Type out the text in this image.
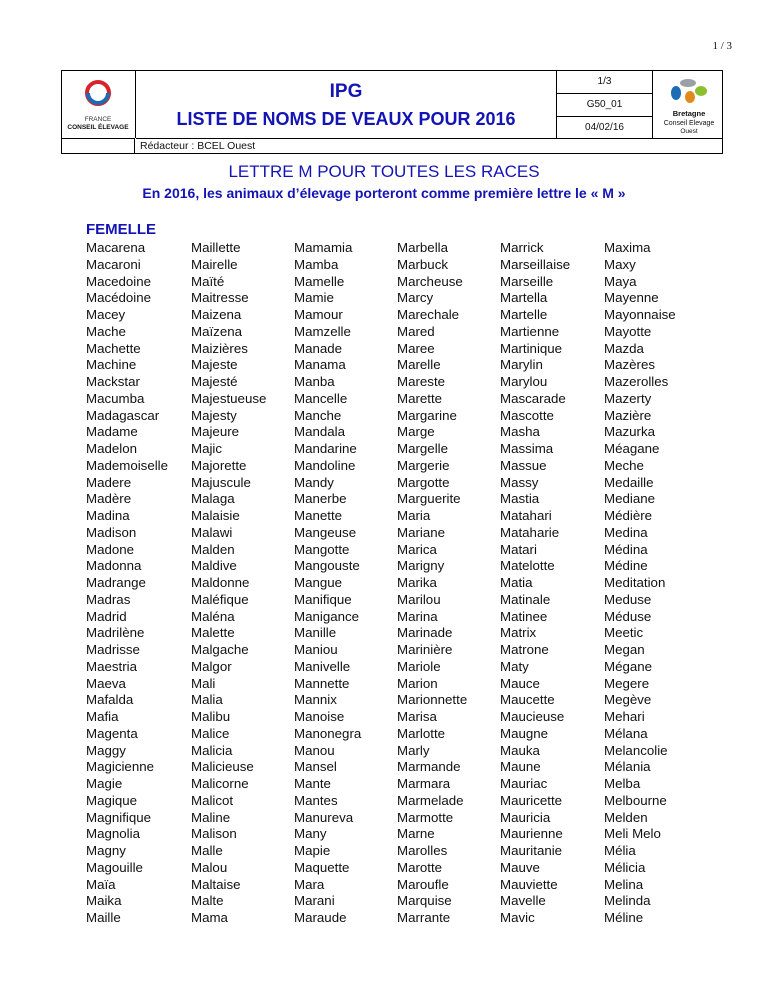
1 / 3
FRANCE
CONSEIL ÉLEVAGE
IPG
LISTE DE NOMS DE VEAUX POUR 2016
1/3
G50_01
04/02/16
Bretagne
Conseil Elevage
Ouest
Rédacteur : BCEL Ouest
LETTRE M POUR TOUTES LES RACES
En 2016, les animaux d’élevage porteront comme première lettre le « M »
FEMELLE
Macarena
Macaroni
Macedoine
Macédoine
Macey
Mache
Machette
Machine
Mackstar
Macumba
Madagascar
Madame
Madelon
Mademoiselle
Madere
Madère
Madina
Madison
Madone
Madonna
Madrange
Madras
Madrid
Madrilène
Madrisse
Maestria
Maeva
Mafalda
Mafia
Magenta
Maggy
Magicienne
Magie
Magique
Magnifique
Magnolia
Magny
Magouille
Maïa
Maika
Maille
Maillette
Mairelle
Maïté
Maitresse
Maizena
Maïzena
Maizières
Majeste
Majesté
Majestueuse
Majesty
Majeure
Majic
Majorette
Majuscule
Malaga
Malaisie
Malawi
Malden
Maldive
Maldonne
Maléfique
Maléna
Malette
Malgache
Malgor
Mali
Malia
Malibu
Malice
Malicia
Malicieuse
Malicorne
Malicot
Maline
Malison
Malle
Malou
Maltaise
Malte
Mama
Mamamia
Mamba
Mamelle
Mamie
Mamour
Mamzelle
Manade
Manama
Manba
Mancelle
Manche
Mandala
Mandarine
Mandoline
Mandy
Manerbe
Manette
Mangeuse
Mangotte
Mangouste
Mangue
Manifique
Manigance
Manille
Maniou
Manivelle
Mannette
Mannix
Manoise
Manonegra
Manou
Mansel
Mante
Mantes
Manureva
Many
Mapie
Maquette
Mara
Marani
Maraude
Marbella
Marbuck
Marcheuse
Marcy
Marechale
Mared
Maree
Marelle
Mareste
Marette
Margarine
Marge
Margelle
Margerie
Margotte
Marguerite
Maria
Mariane
Marica
Marigny
Marika
Marilou
Marina
Marinade
Marinière
Mariole
Marion
Marionnette
Marisa
Marlotte
Marly
Marmande
Marmara
Marmelade
Marmotte
Marne
Marolles
Marotte
Maroufle
Marquise
Marrante
Marrick
Marseillaise
Marseille
Martella
Martelle
Martienne
Martinique
Marylin
Marylou
Mascarade
Mascotte
Masha
Massima
Massue
Massy
Mastia
Matahari
Mataharie
Matari
Matelotte
Matia
Matinale
Matinee
Matrix
Matrone
Maty
Mauce
Maucette
Maucieuse
Maugne
Mauka
Maune
Mauriac
Mauricette
Mauricia
Maurienne
Mauritanie
Mauve
Mauviette
Mavelle
Mavic
Maxima
Maxy
Maya
Mayenne
Mayonnaise
Mayotte
Mazda
Mazères
Mazerolles
Mazerty
Mazière
Mazurka
Méagane
Meche
Medaille
Mediane
Médière
Medina
Médina
Médine
Meditation
Meduse
Méduse
Meetic
Megan
Mégane
Megere
Megève
Mehari
Mélana
Melancolie
Mélania
Melba
Melbourne
Melden
Meli Melo
Mélia
Mélicia
Melina
Melinda
Méline
